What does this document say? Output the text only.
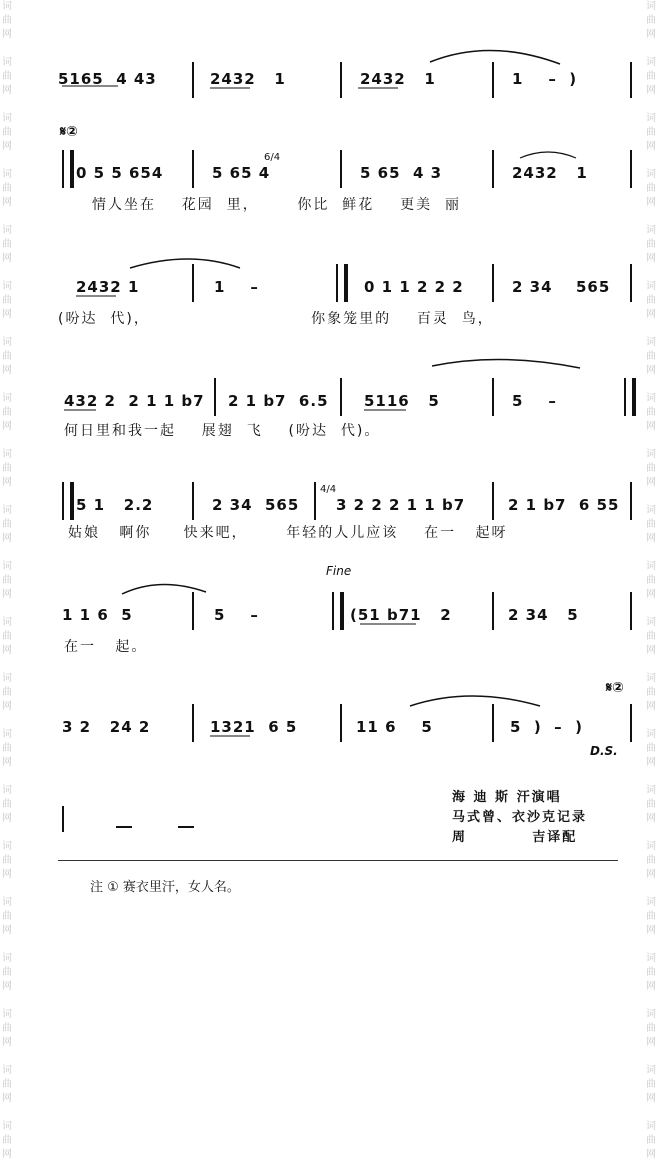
词
曲
网

词
曲
网

词
曲
网

词
曲
网

词
曲
网

词
曲
网

词
曲
网

词
曲
网

词
曲
网

词
曲
网

词
曲
网

词
曲
网

词
曲
网

词
曲
网

词
曲
网

词
曲
网

词
曲
网

词
曲
网

词
曲
网

词
曲
网

词
曲
网

词
曲
网

词
曲
网

词
曲
网

词
曲
网

词
曲
网

词
曲
网

词
曲
网

词
曲
网

词
曲
网

词
曲
网

词
曲
网

词
曲
网

词
曲
网

词
曲
网

词
曲
网

词
曲
网

词
曲
网

词
曲
网

词
曲
网

词
曲
网

词
曲
网

5165  4 43	2432   1	2432   1	1    –  )
𝄋②
0 5 5 654	5 65 4	5 65  4 3	2432   1
情人坐在    花园  里，      你比  鲜花    更美  丽
2432 1	1    –	0 1 1 2 2 2	2 34 565
(吩达  代)，                         你象笼里的    百灵  鸟，
432 2  2 1 1 b7 2 1 b7  6.5 5116   5	5    –
何日里和我一起    展翅  飞    (吩达  代)。
5 1   2.2	2 34  565 3 2 2 2 1 1 b7	2 1 b7  6 55
姑娘   啊你     快来吧，      年轻的人儿应该    在一   起呀
Fine
1 1 6  5	5    –	(51 b71   2	2 34   5
在一   起。
𝄋②
3 2   24 2	1321  6 5	11 6    5	5  )  –  )
D.S.
6/4
4/4
海 迪 斯 汗演唱
马式曾、衣沙克记录
周          吉译配
注 ① 赛衣里汗，女人名。
